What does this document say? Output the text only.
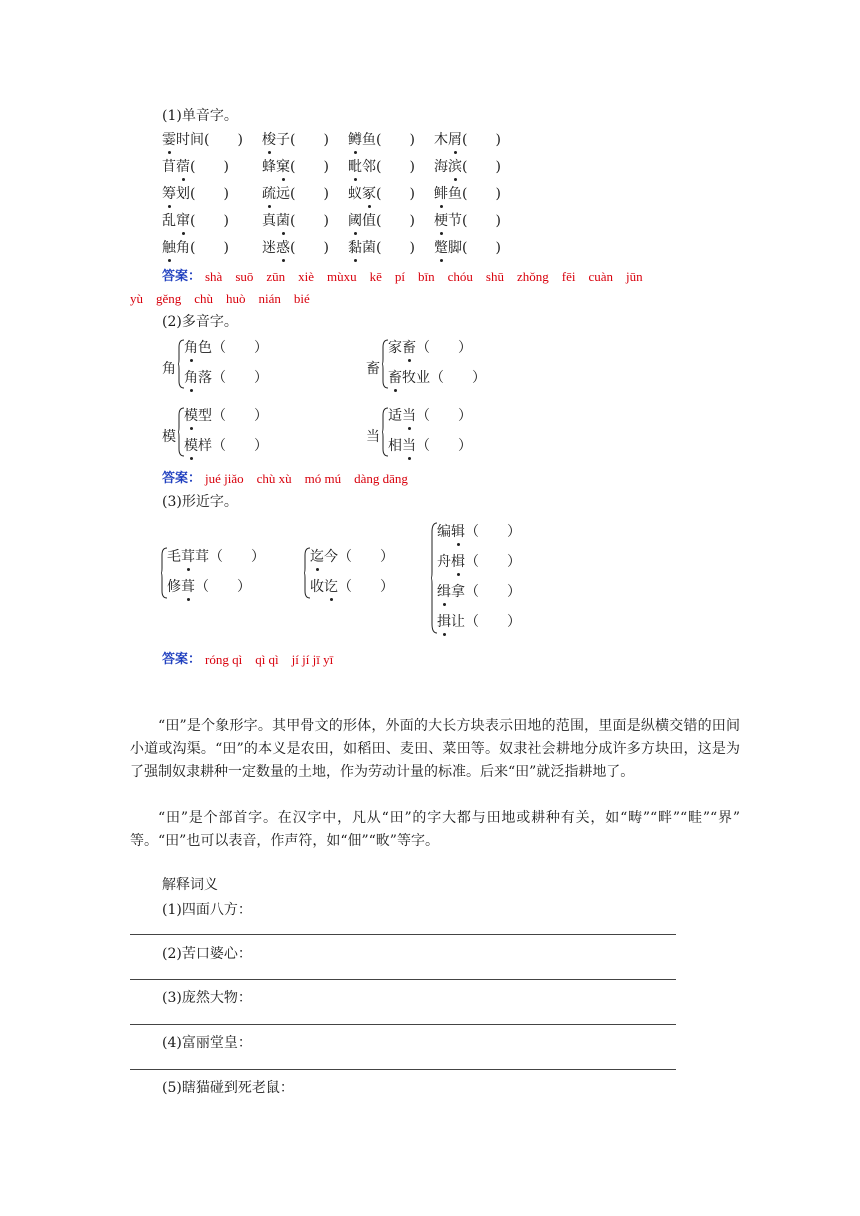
(1)单音字。
霎时间(　　 ) 梭子(　　 ) 鳟鱼(　　 ) 木屑(　　 )
苜蓿(　　 ) 蜂窠(　　 ) 毗邻(　　 ) 海滨(　　 )
筹划(　　 ) 疏远(　　 ) 蚁冢(　　 ) 鲱鱼(　　 )
乱窜(　　 ) 真菌(　　 ) 阈值(　　 ) 梗节(　　 )
触角(　　 ) 迷惑(　　 ) 黏菌(　　 ) 蹩脚(　　 )
答案： shà　suō　zūn　xiè　mùxu　kē　pí　bīn　chóu　shū　zhǒng　fēi　cuàn　jūn
yù　gěng　chù　huò　nián　bié
(2)多音字。
角
角色（　　）
角落（　　）
畜
家畜（　　）
畜牧业（　　）
模
模型（　　）
模样（　　）
当
适当（　　）
相当（　　）
答案： jué jiǎo　chù xù　mó mú　dàng dāng
(3)形近字。
毛茸茸（　　）
修葺（　　）
迄今（　　）
收讫（　　）
编辑（　　）
舟楫（　　）
缉拿（　　）
揖让（　　）
答案： róng qì　qì qì　jí jí jī yī
“田”是个象形字。其甲骨文的形体，外面的大长方块表示田地的范围，里面是纵横交错的田间小道或沟渠。“田”的本义是农田，如稻田、麦田、菜田等。奴隶社会耕地分成许多方块田，这是为了强制奴隶耕种一定数量的土地，作为劳动计量的标准。后来“田”就泛指耕地了。
“田”是个部首字。在汉字中，凡从“田”的字大都与田地或耕种有关，如“畴”“畔”“畦”“界” 等。“田”也可以表音，作声符，如“佃”“畋”等字。
解释词义
(1)四面八方：
(2)苦口婆心：
(3)庞然大物：
(4)富丽堂皇：
(5)瞎猫碰到死老鼠：
